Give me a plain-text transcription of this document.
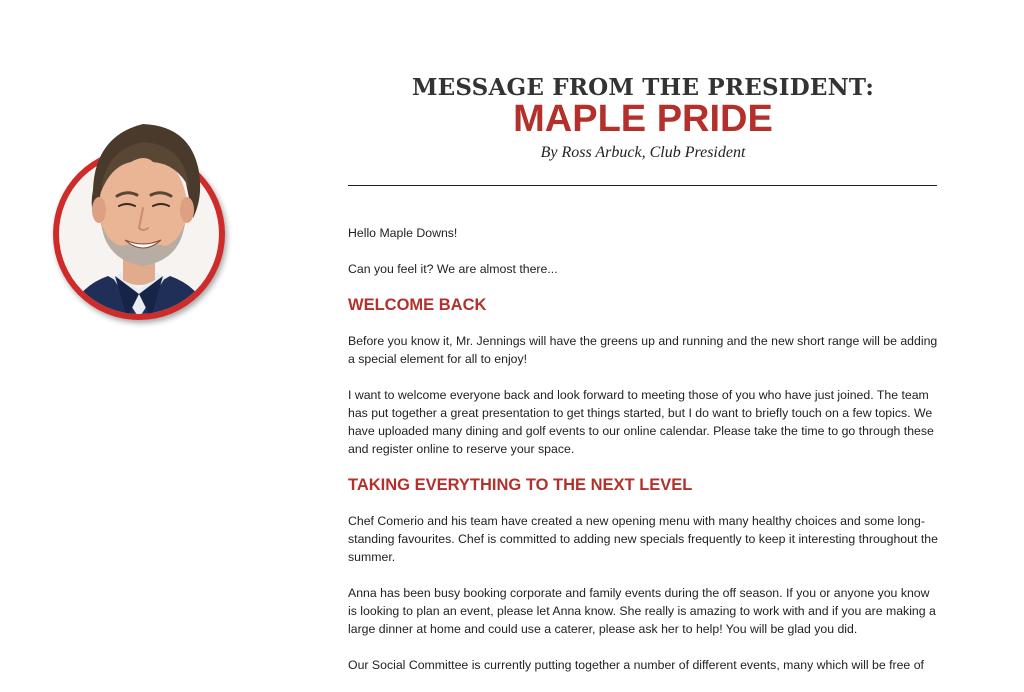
MESSAGE FROM THE PRESIDENT:
MAPLE PRIDE

By Ross Arbuck, Club President

Hello Maple Downs!

Can you feel it? We are almost there...

WELCOME BACK

Before you know it, Mr. Jennings will have the greens up and running and the new short range will be adding a special element for all to enjoy!

I want to welcome everyone back and look forward to meeting those of you who have just joined. The team has put together a great presentation to get things started, but I do want to briefly touch on a few topics. We have uploaded many dining and golf events to our online calendar. Please take the time to go through these and register online to reserve your space.

TAKING EVERYTHING TO THE NEXT LEVEL

Chef Comerio and his team have created a new opening menu with many healthy choices and some long-standing favourites. Chef is committed to adding new specials frequently to keep it interesting throughout the summer.

Anna has been busy booking corporate and family events during the off season. If you or anyone you know is looking to plan an event, please let Anna know. She really is amazing to work with and if you are making a large dinner at home and could use a caterer, please ask her to help! You will be glad you did.

Our Social Committee is currently putting together a number of different events, many which will be free of
